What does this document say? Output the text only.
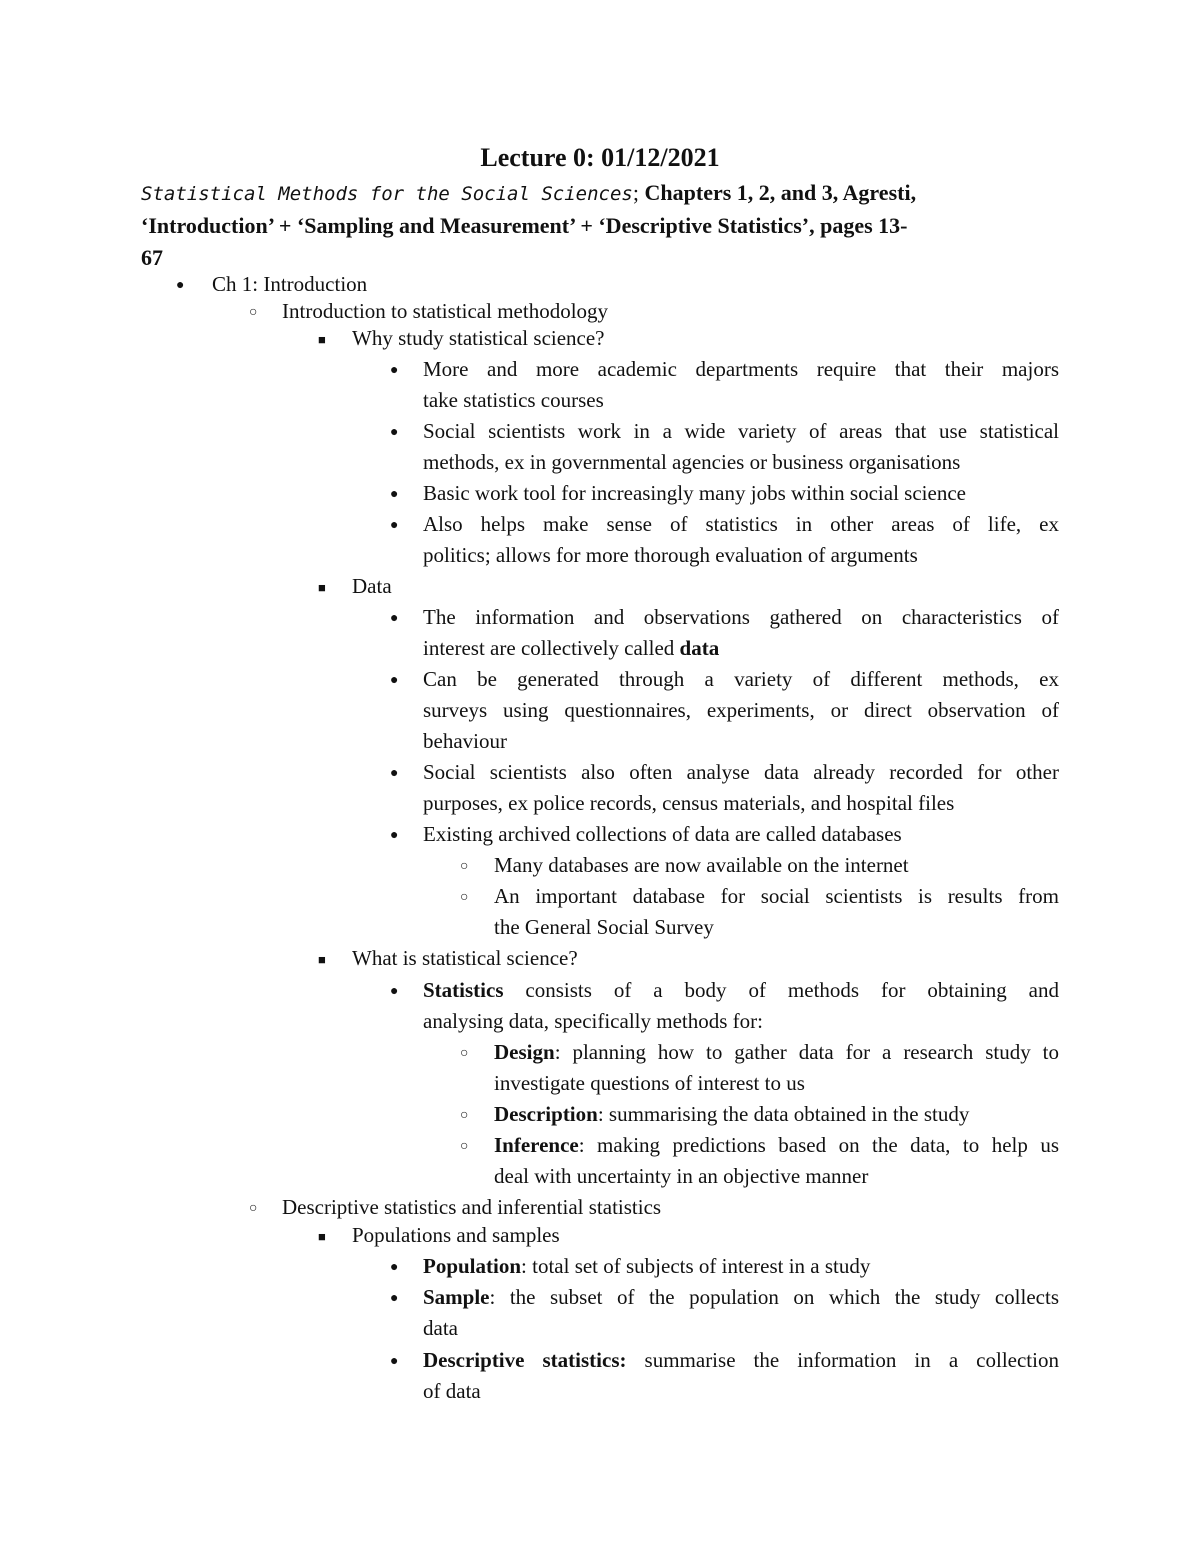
Lecture 0: 01/12/2021
Statistical Methods for the Social Sciences; Chapters 1, 2, and 3, Agresti,
‘Introduction’ + ‘Sampling and Measurement’ + ‘Descriptive Statistics’, pages 13-
67
● Ch 1: Introduction
○ Introduction to statistical methodology
■ Why study statistical science?
● More and more academic departments require that their majors
take statistics courses
● Social scientists work in a wide variety of areas that use statistical
methods, ex in governmental agencies or business organisations
● Basic work tool for increasingly many jobs within social science
● Also helps make sense of statistics in other areas of life, ex
politics; allows for more thorough evaluation of arguments
■ Data
● The information and observations gathered on characteristics of
interest are collectively called data
● Can be generated through a variety of different methods, ex
surveys using questionnaires, experiments, or direct observation of
behaviour
● Social scientists also often analyse data already recorded for other
purposes, ex police records, census materials, and hospital files
● Existing archived collections of data are called databases
○ Many databases are now available on the internet
○ An important database for social scientists is results from
the General Social Survey
■ What is statistical science?
● Statistics consists of a body of methods for obtaining and
analysing data, specifically methods for:
○ Design: planning how to gather data for a research study to
investigate questions of interest to us
○ Description: summarising the data obtained in the study
○ Inference: making predictions based on the data, to help us
deal with uncertainty in an objective manner
○ Descriptive statistics and inferential statistics
■ Populations and samples
● Population: total set of subjects of interest in a study
● Sample: the subset of the population on which the study collects
data
● Descriptive statistics: summarise the information in a collection
of data
